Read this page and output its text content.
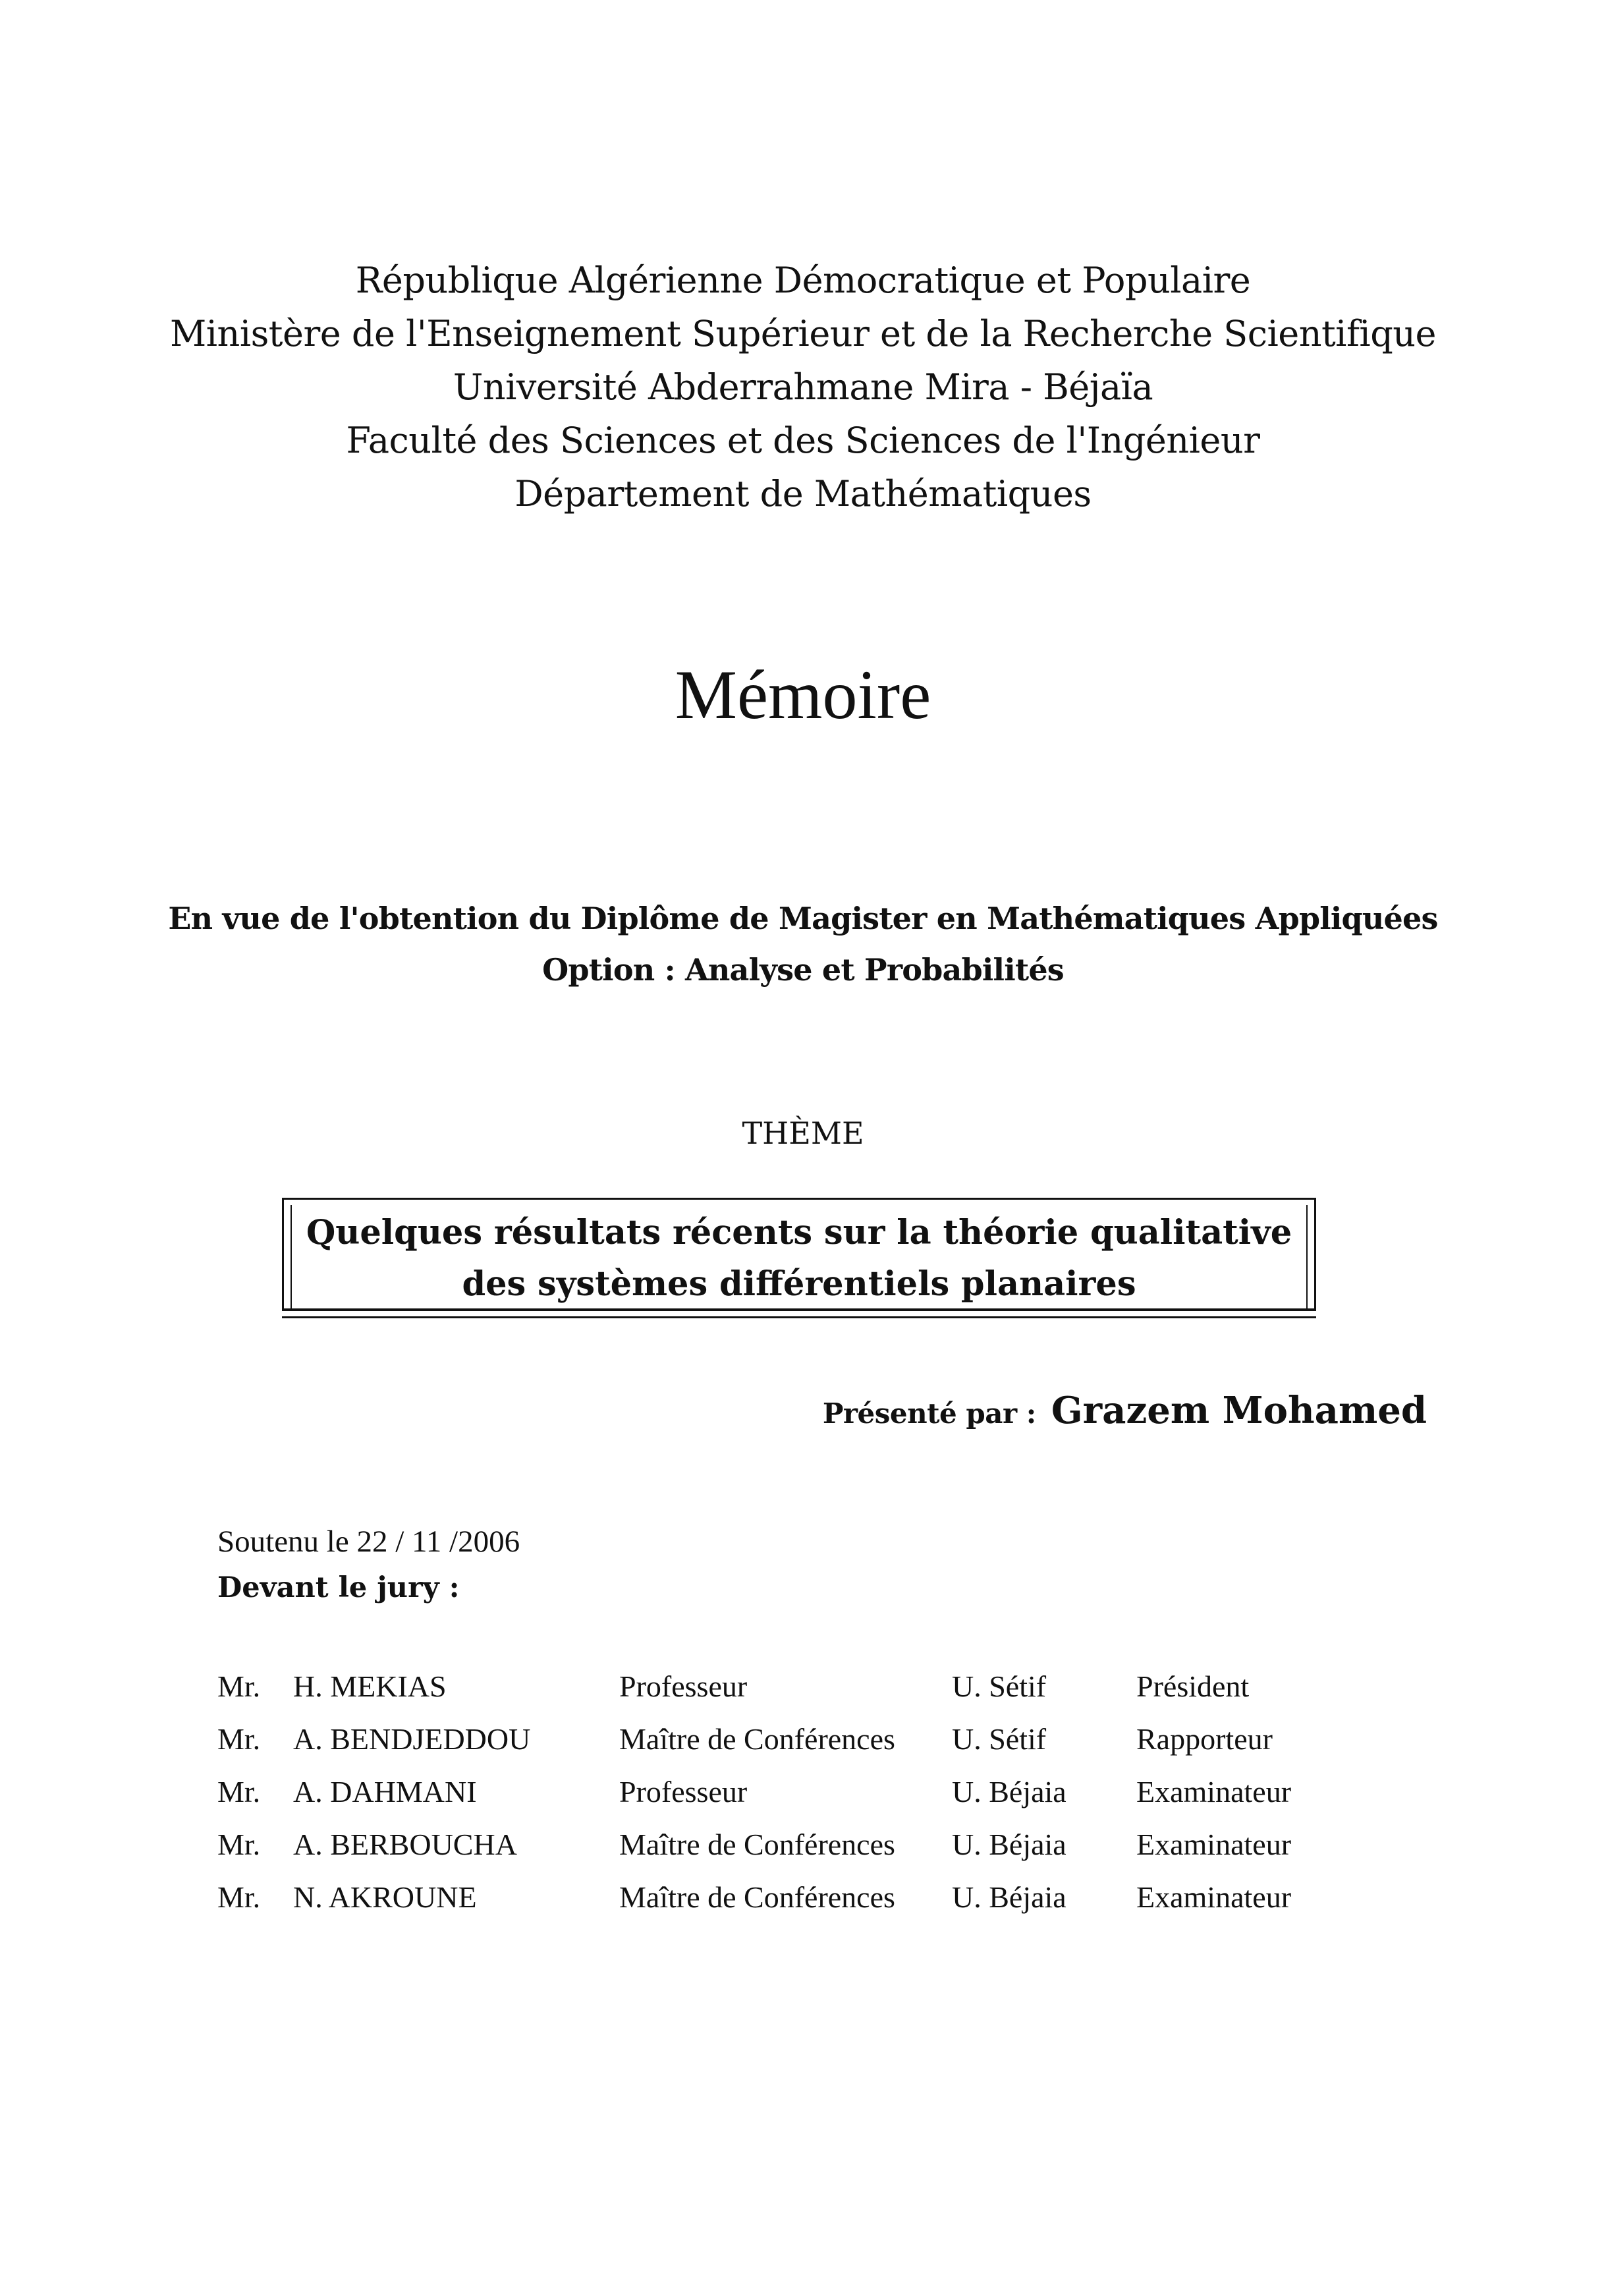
République Algérienne Démocratique et Populaire
Ministère de l'Enseignement Supérieur et de la Recherche Scientifique
Université Abderrahmane Mira - Béjaïa
Faculté des Sciences et des Sciences de l'Ingénieur
Département de Mathématiques
Mémoire
En vue de l'obtention du Diplôme de Magister en Mathématiques Appliquées
Option : Analyse et Probabilités
THÈME
Quelques résultats récents sur la théorie qualitative
des systèmes différentiels planaires
Présenté par : Grazem Mohamed
Soutenu le 22 / 11 /2006
Devant le jury :
Mr. H. MEKIAS	Professeur	U. Sétif	Président
Mr. A. BENDJEDDOU	Maître de Conférences U. Sétif	Rapporteur
Mr. A. DAHMANI	Professeur	U. Béjaia Examinateur
Mr. A. BERBOUCHA	Maître de Conférences U. Béjaia Examinateur
Mr. N. AKROUNE	Maître de Conférences U. Béjaia Examinateur
